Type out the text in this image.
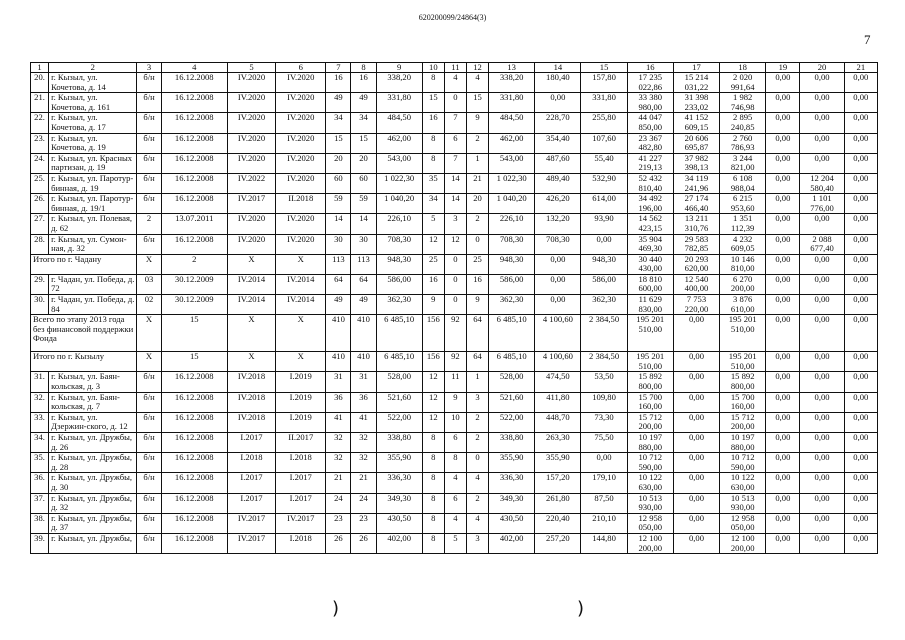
620200099/24864(3)
7
1	2	3	4	5	6	7	8	9	10	11	12	13	14	15	16	17	18	19	20	21
20.	г. Кызыл, ул. Кочетова, д. 14	б/н	16.12.2008	IV.2020	IV.2020	16	16	338,20	8	4	4	338,20	180,40	157,80	17 235 022,86	15 214 031,22	2 020 991,64	0,00	0,00	0,00
21.	г. Кызыл, ул. Кочетова, д. 161	б/н	16.12.2008	IV.2020	IV.2020	49	49	331,80	15	0	15	331,80	0,00	331,80	33 380 980,00	31 398 233,02	1 982 746,98	0,00	0,00	0,00
22.	г. Кызыл, ул. Кочетова, д. 17	б/н	16.12.2008	IV.2020	IV.2020	34	34	484,50	16	7	9	484,50	228,70	255,80	44 047 850,00	41 152 609,15	2 895 240,85	0,00	0,00	0,00
23.	г. Кызыл, ул. Кочетова, д. 19	б/н	16.12.2008	IV.2020	IV.2020	15	15	462,00	8	6	2	462,00	354,40	107,60	23 367 482,80	20 606 695,87	2 760 786,93	0,00	0,00	0,00
24.	г. Кызыл, ул. Красных партизан, д. 19	б/н	16.12.2008	IV.2020	IV.2020	20	20	543,00	8	7	1	543,00	487,60	55,40	41 227 219,13	37 982 398,13	3 244 821,00	0,00	0,00	0,00
25.	г. Кызыл, ул. Паротур-бинная, д. 19	б/н	16.12.2008	IV.2022	IV.2020	60	60	1 022,30	35	14	21	1 022,30	489,40	532,90	52 432 810,40	34 119 241,96	6 108 988,04	0,00	12 204 580,40	0,00
26.	г. Кызыл, ул. Паротур-бинная, д. 19/1	б/н	16.12.2008	IV.2017	II.2018	59	59	1 040,20	34	14	20	1 040,20	426,20	614,00	34 492 196,00	27 174 466,40	6 215 953,60	0,00	1 101 776,00	0,00
27.	г. Кызыл, ул. Полевая, д. 62	2	13.07.2011	IV.2020	IV.2020	14	14	226,10	5	3	2	226,10	132,20	93,90	14 562 423,15	13 211 310,76	1 351 112,39	0,00	0,00	0,00
28.	г. Кызыл, ул. Сумон-ная, д. 32	б/н	16.12.2008	IV.2020	IV.2020	30	30	708,30	12	12	0	708,30	708,30	0,00	35 904 469,30	29 583 782,85	4 232 609,05	0,00	2 088 677,40	0,00
Итого по г. Чадану		X	2	X	X	113	113	948,30	25	0	25	948,30	0,00	948,30	30 440 430,00	20 293 620,00	10 146 810,00	0,00	0,00	0,00
29.	г. Чадан, ул. Победа, д. 72	03	30.12.2009	IV.2014	IV.2014	64	64	586,00	16	0	16	586,00	0,00	586,00	18 810 600,00	12 540 400,00	6 270 200,00	0,00	0,00	0,00
30.	г. Чадан, ул. Победа, д. 84	02	30.12.2009	IV.2014	IV.2014	49	49	362,30	9	0	9	362,30	0,00	362,30	11 629 830,00	7 753 220,00	3 876 610,00	0,00	0,00	0,00
Всего по этапу 2013 года без финансовой поддержки Фонда		X	15	X	X	410	410	6 485,10	156	92	64	6 485,10	4 100,60	2 384,50	195 201 510,00	0,00	195 201 510,00	0,00	0,00	0,00
Итого по г. Кызылу		X	15	X	X	410	410	6 485,10	156	92	64	6 485,10	4 100,60	2 384,50	195 201 510,00	0,00	195 201 510,00	0,00	0,00	0,00
31.	г. Кызыл, ул. Баян-кольская, д. 3	б/н	16.12.2008	IV.2018	I.2019	31	31	528,00	12	11	1	528,00	474,50	53,50	15 892 800,00	0,00	15 892 800,00	0,00	0,00	0,00
32.	г. Кызыл, ул. Баян-кольская, д. 7	б/н	16.12.2008	IV.2018	I.2019	36	36	521,60	12	9	3	521,60	411,80	109,80	15 700 160,00	0,00	15 700 160,00	0,00	0,00	0,00
33.	г. Кызыл, ул. Дзержин-ского, д. 12	б/н	16.12.2008	IV.2018	I.2019	41	41	522,00	12	10	2	522,00	448,70	73,30	15 712 200,00	0,00	15 712 200,00	0,00	0,00	0,00
34.	г. Кызыл, ул. Дружбы, д. 26	б/н	16.12.2008	I.2017	II.2017	32	32	338,80	8	6	2	338,80	263,30	75,50	10 197 880,00	0,00	10 197 880,00	0,00	0,00	0,00
35.	г. Кызыл, ул. Дружбы, д. 28	б/н	16.12.2008	I.2018	I.2018	32	32	355,90	8	8	0	355,90	355,90	0,00	10 712 590,00	0,00	10 712 590,00	0,00	0,00	0,00
36.	г. Кызыл, ул. Дружбы, д. 30	б/н	16.12.2008	I.2017	I.2017	21	21	336,30	8	4	4	336,30	157,20	179,10	10 122 630,00	0,00	10 122 630,00	0,00	0,00	0,00
37.	г. Кызыл, ул. Дружбы, д. 32	б/н	16.12.2008	I.2017	I.2017	24	24	349,30	8	6	2	349,30	261,80	87,50	10 513 930,00	0,00	10 513 930,00	0,00	0,00	0,00
38.	г. Кызыл, ул. Дружбы, д. 37	б/н	16.12.2008	IV.2017	IV.2017	23	23	430,50	8	4	4	430,50	220,40	210,10	12 958 050,00	0,00	12 958 050,00	0,00	0,00	0,00
39.	г. Кызыл, ул. Дружбы,	б/н	16.12.2008	IV.2017	I.2018	26	26	402,00	8	5	3	402,00	257,20	144,80	12 100 200,00	0,00	12 100 200,00	0,00	0,00	0,00
)	)
